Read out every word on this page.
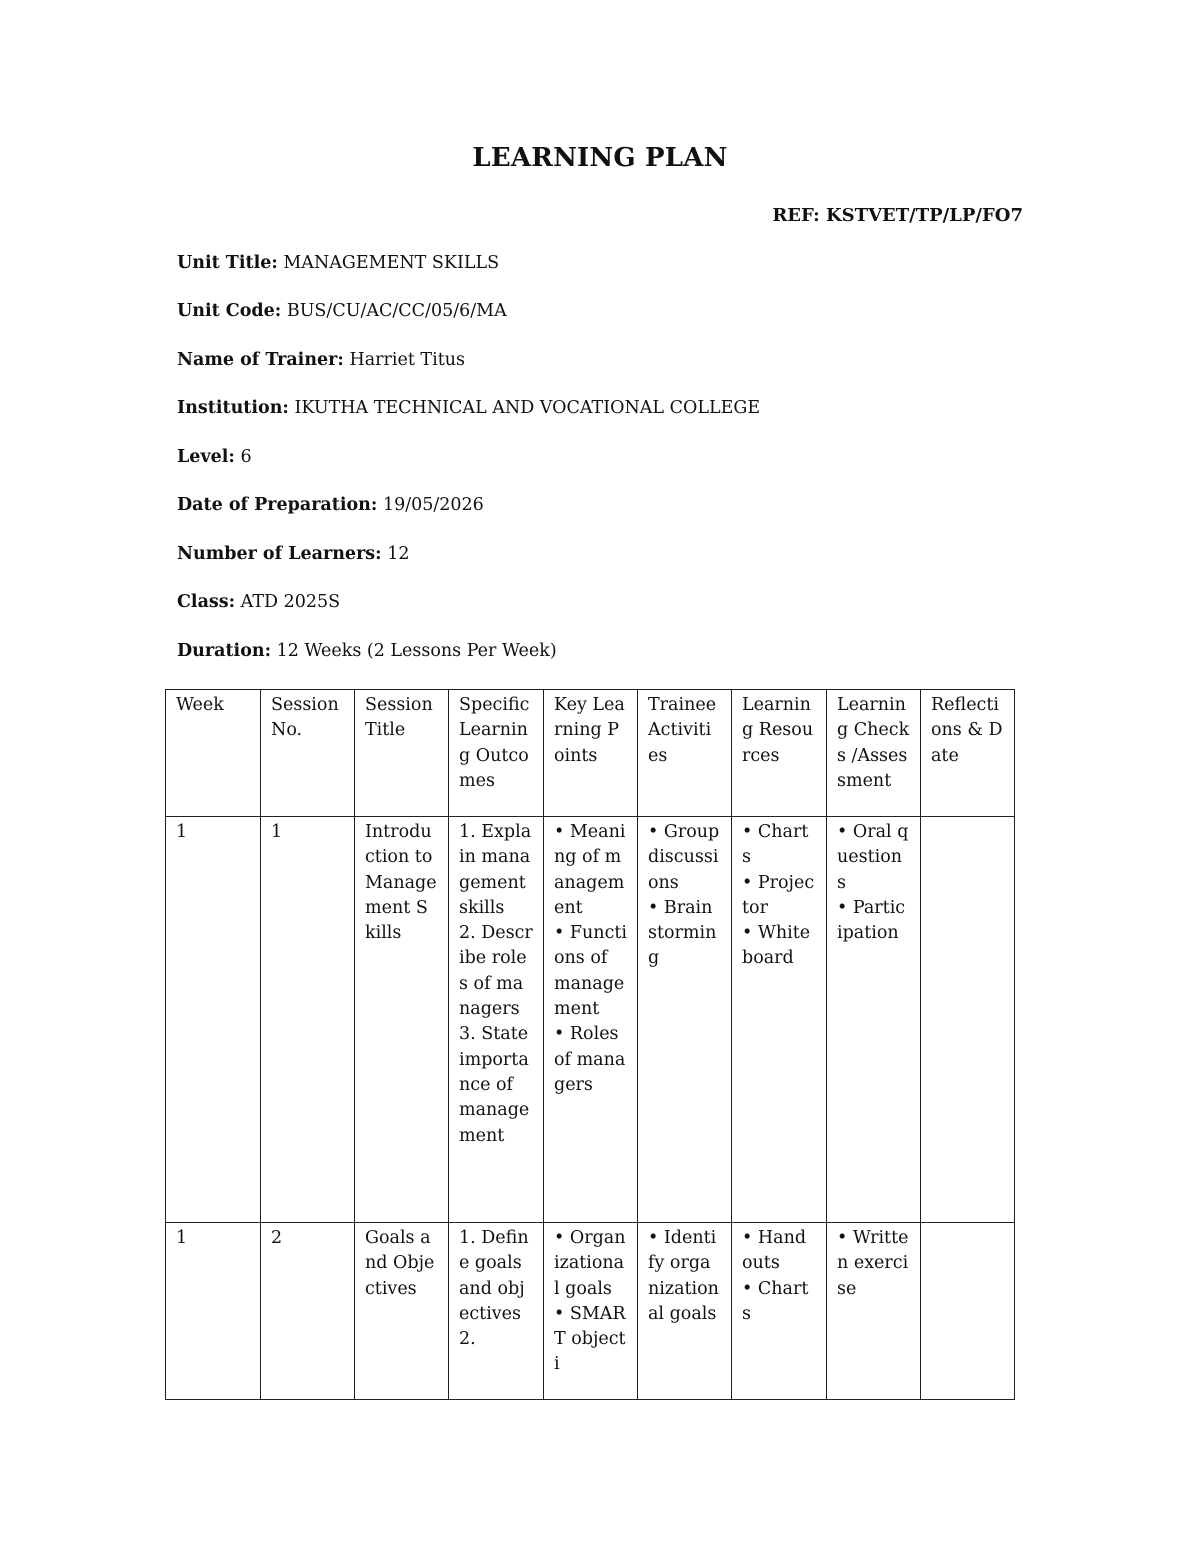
LEARNING PLAN
REF: KSTVET/TP/LP/FO7
Unit Title: MANAGEMENT SKILLS
Unit Code: BUS/CU/AC/CC/05/6/MA
Name of Trainer: Harriet Titus
Institution: IKUTHA TECHNICAL AND VOCATIONAL COLLEGE
Level: 6
Date of Preparation: 19/05/2026
Number of Learners: 12
Class: ATD 2025S
Duration: 12 Weeks (2 Lessons Per Week)
Week	Session No.	Session Title	Specific Learning Outcomes	Key Learning Points	Trainee Activities	Learning Resources	Learning Checks /Assessment	Reflections & Date
1	1	Introduction to Management Skills	1. Explain management skills
2. Describe roles of managers
3. State importance of management	• Meaning of management
• Functions of management
• Roles of managers	• Group discussions
• Brainstorming	• Charts
• Projector
• Whiteboard	• Oral questions
• Participation	
1	2	Goals and Objectives	1. Define goals and objectives
2.	• Organizational goals
• SMART objecti	• Identify organizational goals	• Handouts
• Charts	• Written exercise	
